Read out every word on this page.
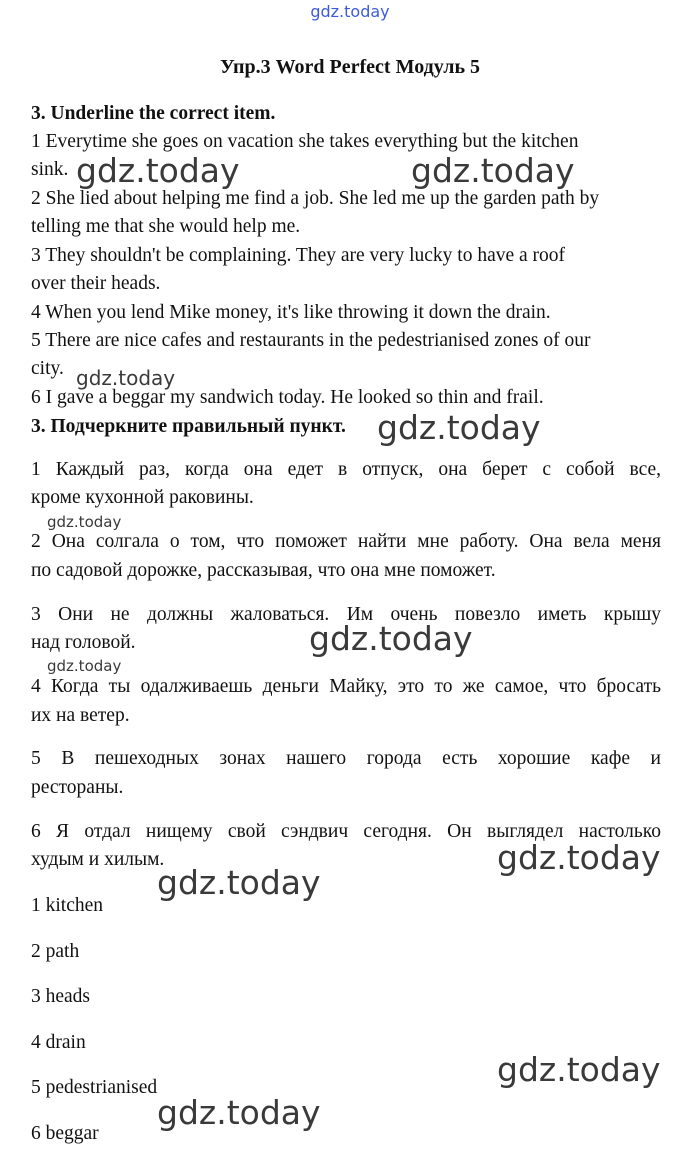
gdz.today
Упр.3 Word Perfect Модуль 5
3. Underline the correct item.
1 Everytime she goes on vacation she takes everything but the kitchen
sink.
2 She lied about helping me find a job. She led me up the garden path by
telling me that she would help me.
3 They shouldn't be complaining. They are very lucky to have a roof
over their heads.
4 When you lend Mike money, it's like throwing it down the drain.
5 There are nice cafes and restaurants in the pedestrianised zones of our
city.
6 I gave a beggar my sandwich today. He looked so thin and frail.
3. Подчеркните правильный пункт.
1 Каждый раз, когда она едет в отпуск, она берет с собой все,
кроме кухонной раковины.
2 Она солгала о том, что поможет найти мне работу. Она вела меня
по садовой дорожке, рассказывая, что она мне поможет.
3 Они не должны жаловаться. Им очень повезло иметь крышу
над головой.
4 Когда ты одалживаешь деньги Майку, это то же самое, что бросать
их на ветер.
5 В пешеходных зонах нашего города есть хорошие кафе и
рестораны.
6 Я отдал нищему свой сэндвич сегодня. Он выглядел настолько
худым и хилым.
1 kitchen
2 path
3 heads
4 drain
5 pedestrianised
6 beggar
gdz.today	gdz.today
gdz.today
gdz.today
gdz.today
gdz.today
gdz.today
gdz.today
gdz.today
gdz.today
gdz.today
